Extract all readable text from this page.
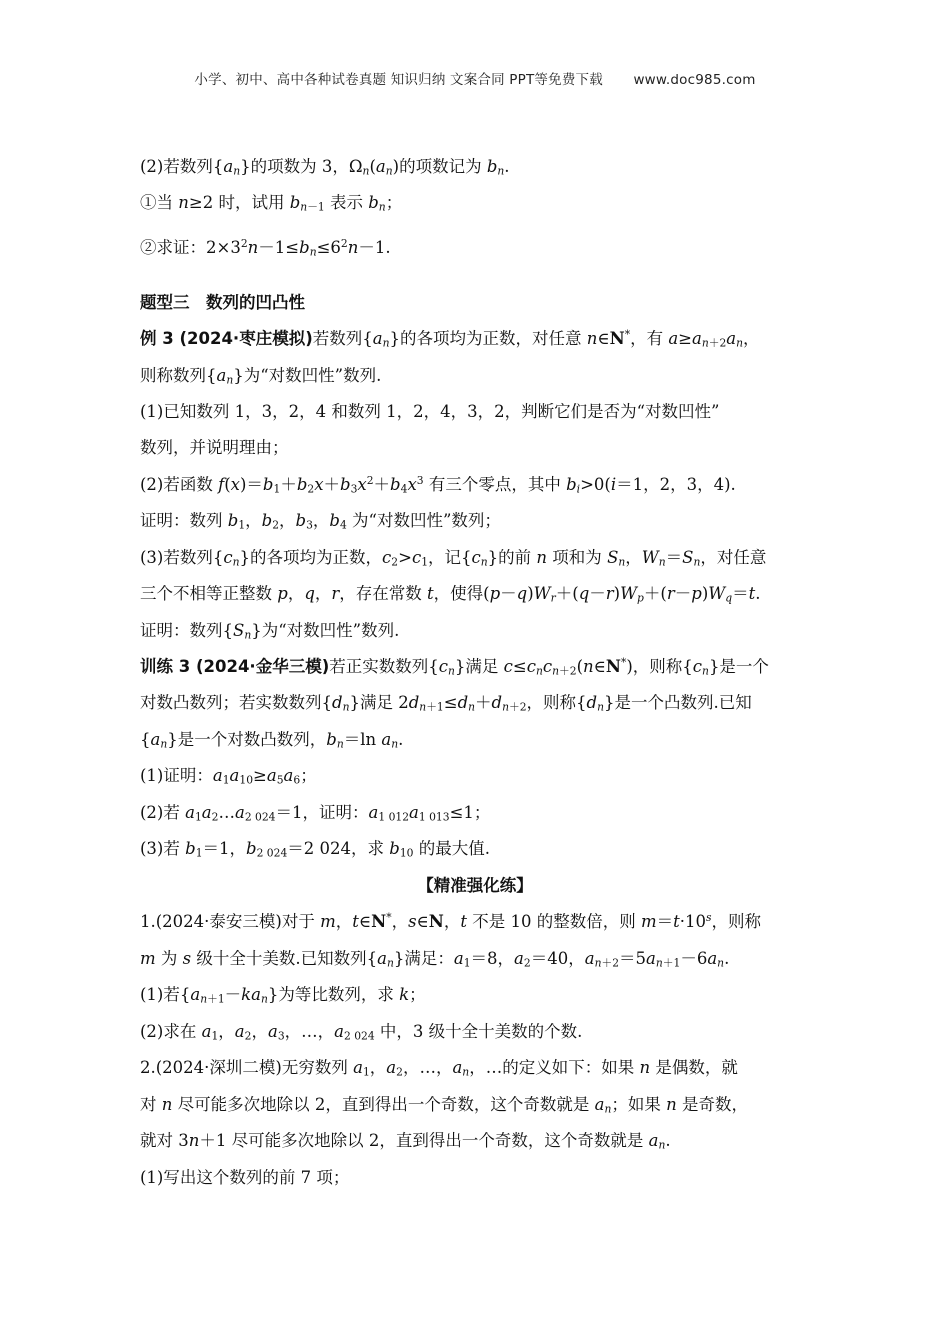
小学、初中、高中各种试卷真题 知识归纳 文案合同 PPT等免费下载 www.doc985.com
(2)若数列$\{a_n\}$的项数为 3，$\Omega_n(a_n)$的项数记为 $b_n$.
①当 n≥2 时，试用 $b_{n-1}$ 表示 $b_n$；
②求证：$2\times 3^2n-1\le b_n\le 6^2n-1$.
题型三　数列的凹凸性
例 3 (2024·枣庄模拟)若数列$\{a_n\}$的各项均为正数，对任意 n∈N*，有 $a\ge a_{n+2}a_n$，
则称数列$\{a_n\}$为“对数凹性”数列.
(1)已知数列 1，3，2，4 和数列 1，2，4，3，2，判断它们是否为“对数凹性”
数列，并说明理由；
(2)若函数 $f(x)=b_1+b_2x+b_3x^2+b_4x^3$ 有三个零点，其中 $b_i>0(i=1$，2，3，4).
证明：数列 $b_1$，$b_2$，$b_3$，$b_4$ 为“对数凹性”数列；
(3)若数列$\{c_n\}$的各项均为正数，$c_2>c_1$，记$\{c_n\}$的前 n 项和为 $S_n$，$W_n=S_n$，对任意
三个不相等正整数 p，q，r，存在常数 t，使得$(p-q)W_r+(q-r)W_p+(r-p)W_q=t$.
证明：数列$\{S_n\}$为“对数凹性”数列.
训练 3 (2024·金华三模)若正实数数列$\{c_n\}$满足 $c\le c_nc_{n+2}(n\in N^*)$，则称$\{c_n\}$是一个
对数凸数列；若实数数列$\{d_n\}$满足 $2d_{n+1}\le d_n+d_{n+2}$，则称$\{d_n\}$是一个凸数列.已知
$\{a_n\}$是一个对数凸数列，$b_n=\ln$ $a_n$.
(1)证明：$a_1a_{10}\ge a_5a_6$；
(2)若 $a_1a_2\dots a_{2 024}=1$，证明：$a_{1 012}a_{1 013}\le 1$；
(3)若 $b_1=1$，$b_{2 024}=2$ 024，求 $b_{10}$ 的最大值.
【精准强化练】
1.(2024·泰安三模)对于 m，t∈N*，s∈N，t 不是 10 的整数倍，则 $m=t\cdot 10^s$，则称
m 为 s 级十全十美数.已知数列$\{a_n\}$满足：$a_1=8$，$a_2=40$，$a_{n+2}=5a_{n+1}-6a_n$.
(1)若$\{a_{n+1}-ka_n\}$为等比数列，求 k；
(2)求在 $a_1$，$a_2$，$a_3$，…，$a_{2 024}$ 中，3 级十全十美数的个数.
2.(2024·深圳二模)无穷数列 $a_1$，$a_2$，…，$a_n$，…的定义如下：如果 n 是偶数，就
对 n 尽可能多次地除以 2，直到得出一个奇数，这个奇数就是 $a_n$；如果 n 是奇数，
就对 3n＋1 尽可能多次地除以 2，直到得出一个奇数，这个奇数就是 $a_n$.
(1)写出这个数列的前 7 项；
